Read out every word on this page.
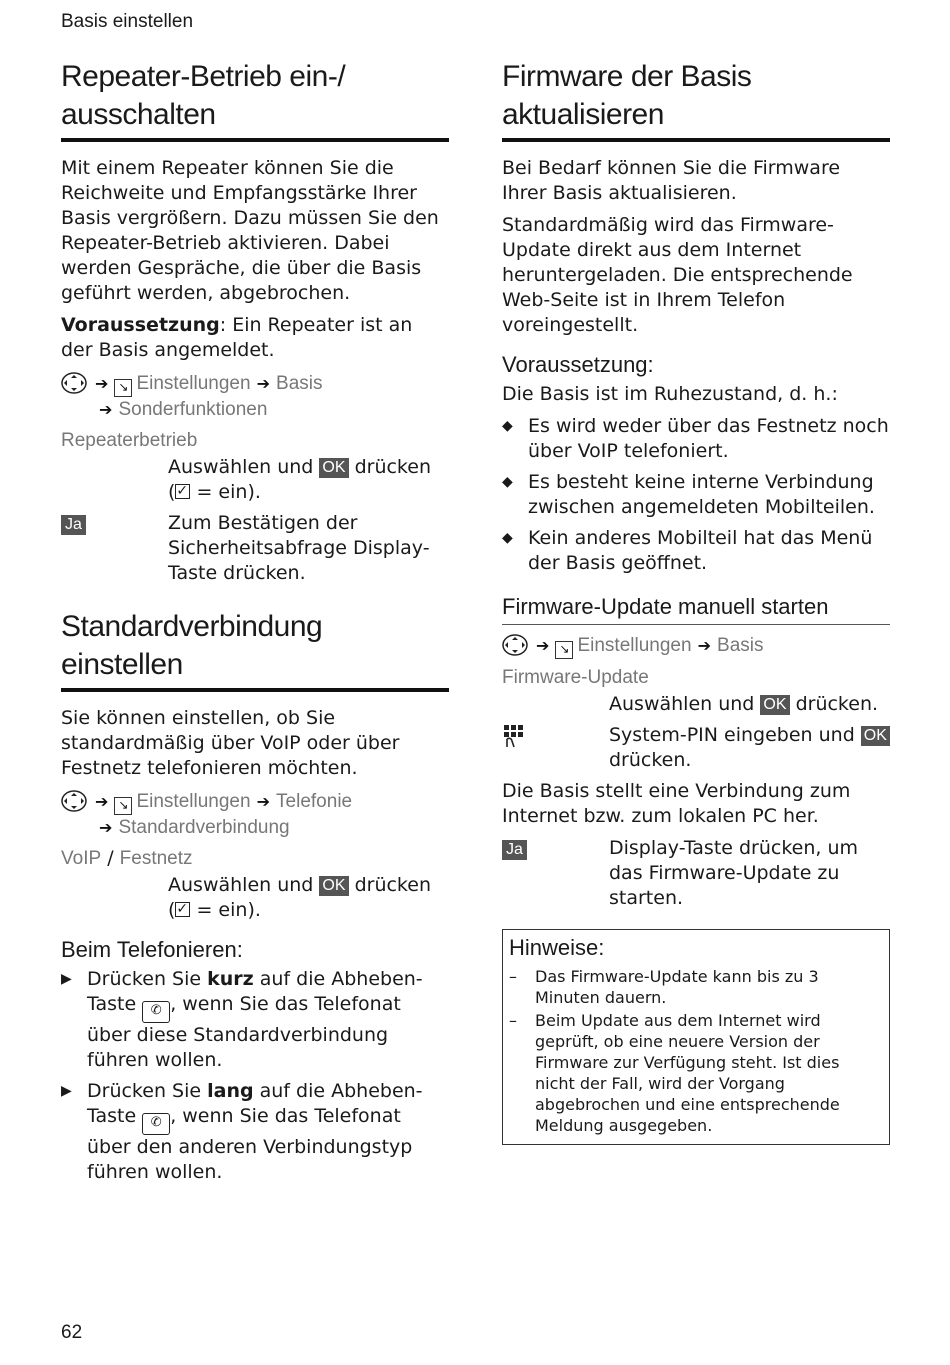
Basis einstellen
Repeater-Betrieb ein-/ ausschalten

Mit einem Repeater können Sie die Reichweite und Empfangsstärke Ihrer Basis vergrößern. Dazu müssen Sie den Repeater-Betrieb aktivieren. Dabei werden Gespräche, die über die Basis geführt werden, abgebrochen.

Voraussetzung: Ein Repeater ist an der Basis angemeldet.

➔ ↘ Einstellungen ➔ Basis
➔ Sonderfunktionen
Repeaterbetrieb
Auswählen und OK drücken
( ✓ = ein).
Ja	Zum Bestätigen der Sicherheitsabfrage Display-Taste drücken.
Standardverbindung einstellen

Sie können einstellen, ob Sie standardmäßig über VoIP oder über Festnetz telefonieren möchten.

➔ ↘ Einstellungen ➔ Telefonie
➔ Standardverbindung
VoIP / Festnetz
Auswählen und OK drücken
( ✓ = ein).
Beim Telefonieren:
▶ Drücken Sie kurz auf die Abheben-Taste ✆ , wenn Sie das Telefonat über diese Standardverbindung führen wollen.
▶ Drücken Sie lang auf die Abheben-Taste ✆ , wenn Sie das Telefonat über den anderen Verbindungstyp führen wollen.
Firmware der Basis aktualisieren

Bei Bedarf können Sie die Firmware Ihrer Basis aktualisieren.

Standardmäßig wird das Firmware-Update direkt aus dem Internet heruntergeladen. Die entsprechende Web-Seite ist in Ihrem Telefon voreingestellt.

Voraussetzung:

Die Basis ist im Ruhezustand, d. h.:

◆ Es wird weder über das Festnetz noch über VoIP telefoniert.
◆ Es besteht keine interne Verbindung zwischen angemeldeten Mobilteilen.
◆ Kein anderes Mobilteil hat das Menü der Basis geöffnet.
Firmware-Update manuell starten
➔ ↘ Einstellungen ➔ Basis
Firmware-Update
Auswählen und OK drücken.
System-PIN eingeben und OK drücken.

Die Basis stellt eine Verbindung zum Internet bzw. zum lokalen PC her.

Ja	Display-Taste drücken, um das Firmware-Update zu starten.
Hinweise:
–	Das Firmware-Update kann bis zu 3 Minuten dauern.
–	Beim Update aus dem Internet wird geprüft, ob eine neuere Version der Firmware zur Verfügung steht. Ist dies nicht der Fall, wird der Vorgang abgebrochen und eine entsprechende Meldung ausgegeben.
62
